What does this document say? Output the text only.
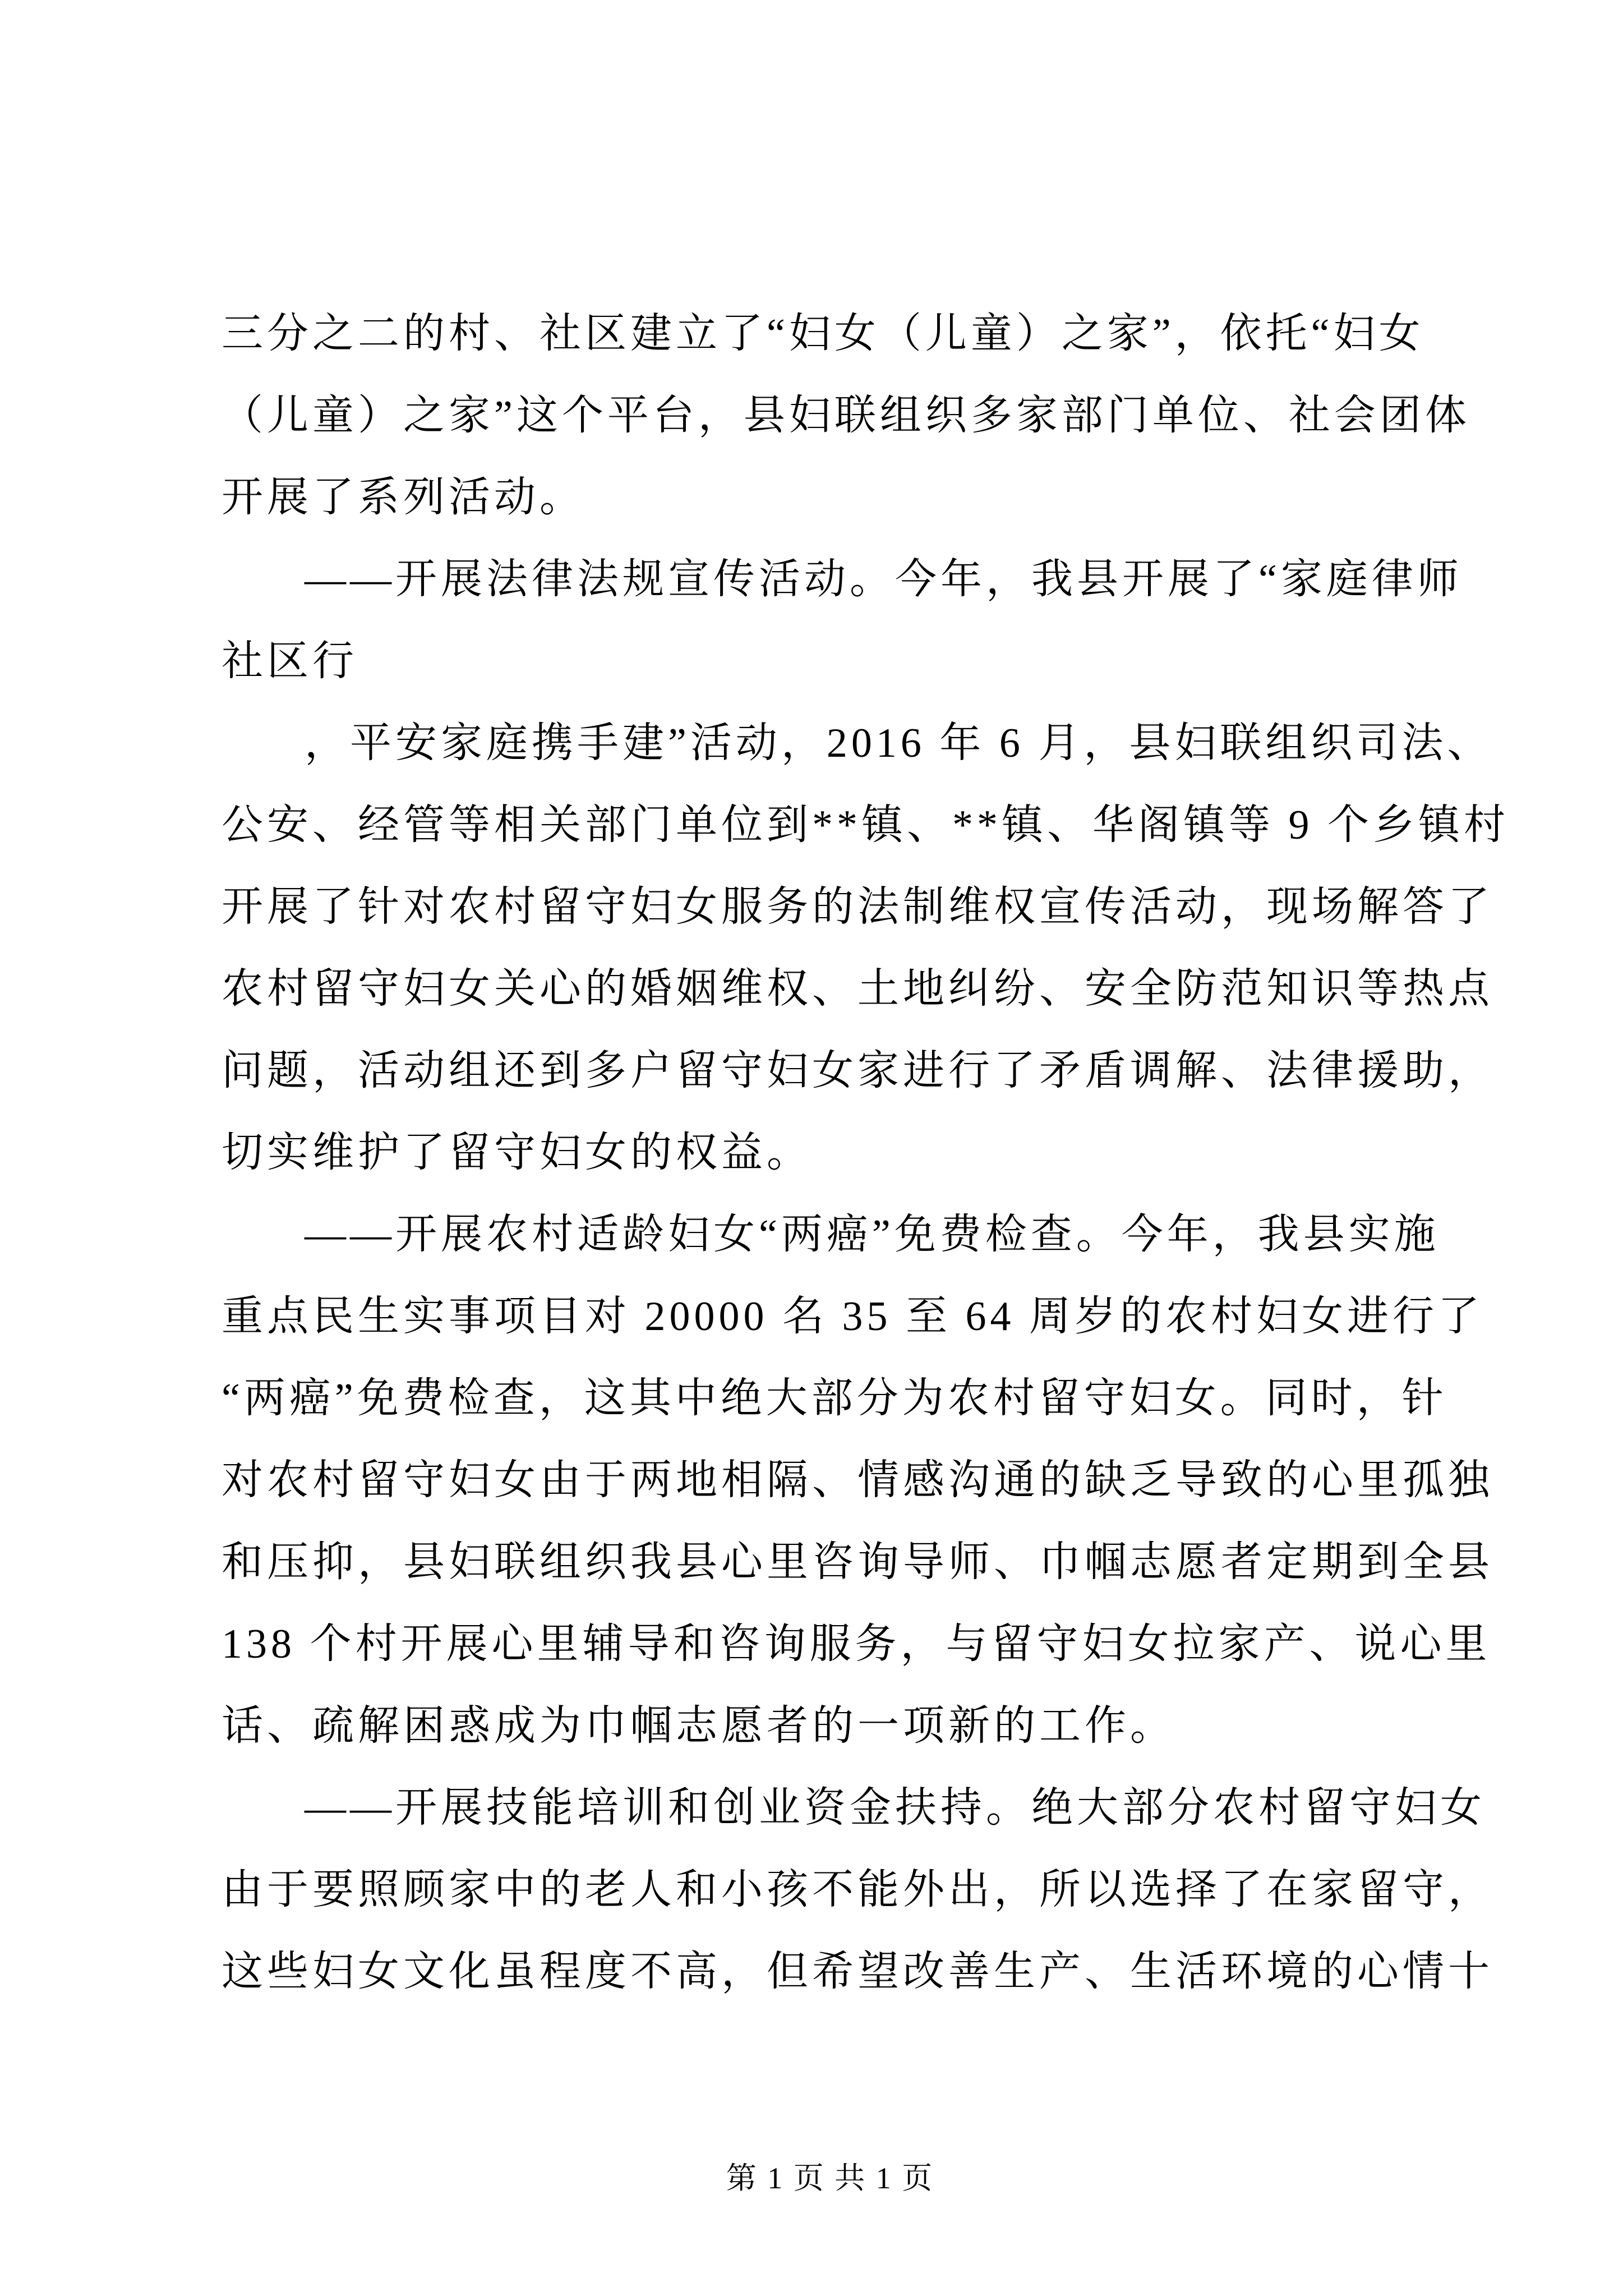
三分之二的村、社区建立了“妇女（儿童）之家”，依托“妇女
（儿童）之家”这个平台，县妇联组织多家部门单位、社会团体
开展了系列活动。
——开展法律法规宣传活动。今年，我县开展了“家庭律师
社区行
，平安家庭携手建”活动，2016 年 6 月，县妇联组织司法、
公安、经管等相关部门单位到**镇、**镇、华阁镇等 9 个乡镇村
开展了针对农村留守妇女服务的法制维权宣传活动，现场解答了
农村留守妇女关心的婚姻维权、土地纠纷、安全防范知识等热点
问题，活动组还到多户留守妇女家进行了矛盾调解、法律援助，
切实维护了留守妇女的权益。
——开展农村适龄妇女“两癌”免费检查。今年，我县实施
重点民生实事项目对 20000 名 35 至 64 周岁的农村妇女进行了
“两癌”免费检查，这其中绝大部分为农村留守妇女。同时，针
对农村留守妇女由于两地相隔、情感沟通的缺乏导致的心里孤独
和压抑，县妇联组织我县心里咨询导师、巾帼志愿者定期到全县
138 个村开展心里辅导和咨询服务，与留守妇女拉家产、说心里
话、疏解困惑成为巾帼志愿者的一项新的工作。
——开展技能培训和创业资金扶持。绝大部分农村留守妇女
由于要照顾家中的老人和小孩不能外出，所以选择了在家留守，
这些妇女文化虽程度不高，但希望改善生产、生活环境的心情十

第 1 页 共 1 页
